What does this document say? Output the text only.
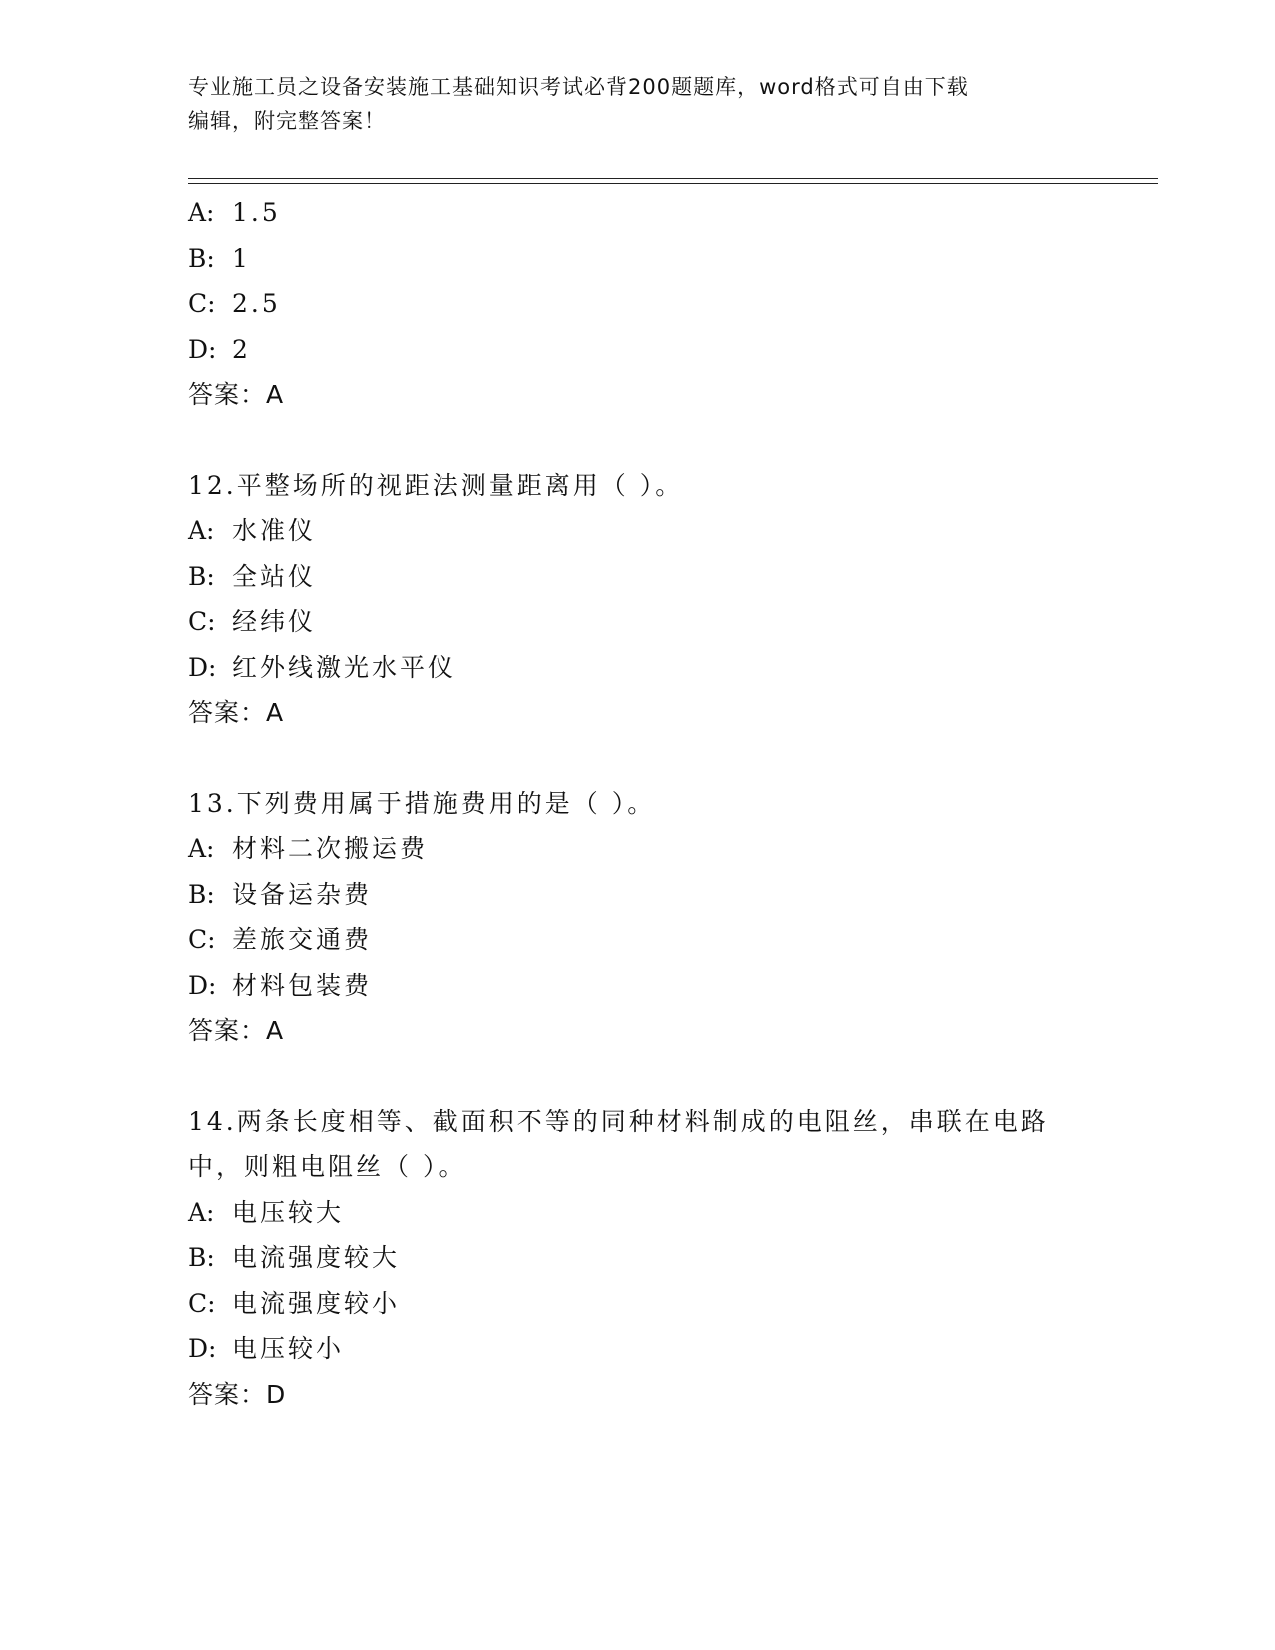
专业施工员之设备安装施工基础知识考试必背200题题库，word格式可自由下载
编辑，附完整答案！
A: 1.5
B: 1
C: 2.5
D: 2
答案：A
12.平整场所的视距法测量距离用（ ）。
A: 水准仪
B: 全站仪
C: 经纬仪
D: 红外线激光水平仪
答案：A
13.下列费用属于措施费用的是（ ）。
A: 材料二次搬运费
B: 设备运杂费
C: 差旅交通费
D: 材料包装费
答案：A
14.两条长度相等、截面积不等的同种材料制成的电阻丝，串联在电路
中，则粗电阻丝（ ）。
A: 电压较大
B: 电流强度较大
C: 电流强度较小
D: 电压较小
答案：D
